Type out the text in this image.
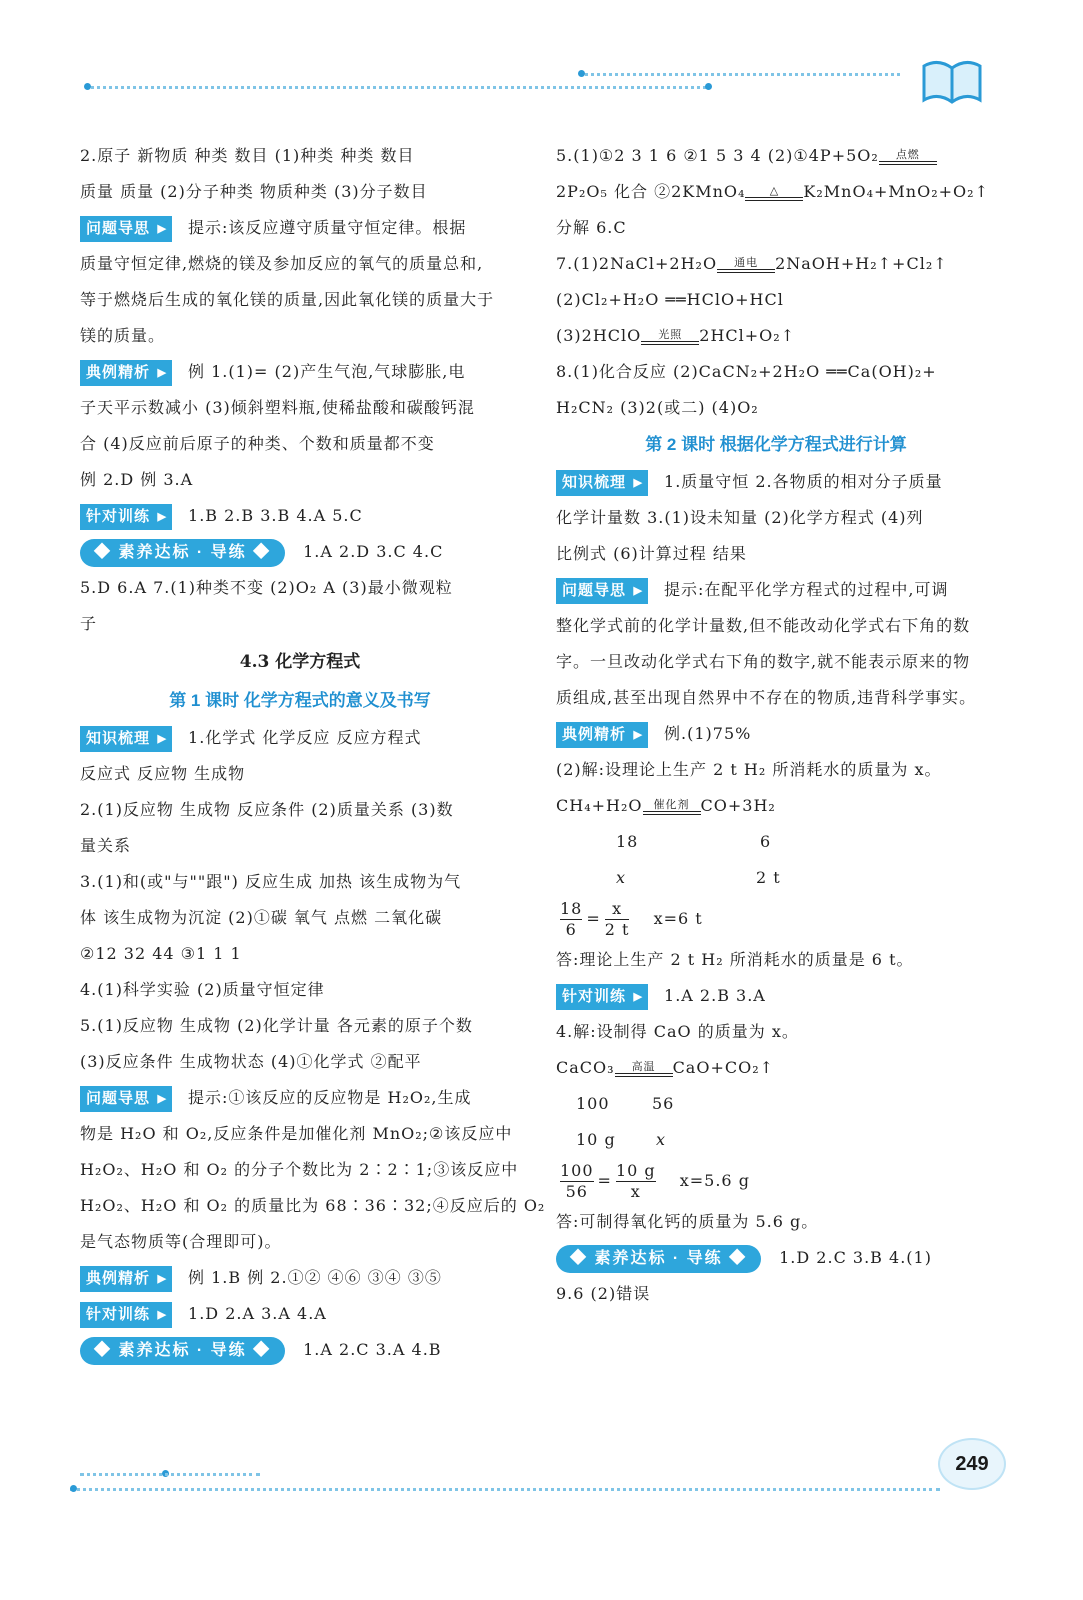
2.原子 新物质 种类 数目 (1)种类 种类 数目
质量 质量 (2)分子种类 物质种类 (3)分子数目
问题导思 ▶ 提示:该反应遵守质量守恒定律。根据
质量守恒定律,燃烧的镁及参加反应的氧气的质量总和,
等于燃烧后生成的氧化镁的质量,因此氧化镁的质量大于
镁的质量。
典例精析 ▶ 例 1.(1)= (2)产生气泡,气球膨胀,电
子天平示数减小 (3)倾斜塑料瓶,使稀盐酸和碳酸钙混
合 (4)反应前后原子的种类、个数和质量都不变
例 2.D 例 3.A
针对训练 ▶ 1.B 2.B 3.B 4.A 5.C
◆ 素养达标 · 导练 ◆ 1.A 2.D 3.C 4.C
5.D 6.A 7.(1)种类不变 (2)O₂ A (3)最小微观粒
子
4.3 化学方程式
第 1 课时 化学方程式的意义及书写
知识梳理 ▶ 1.化学式 化学反应 反应方程式
反应式 反应物 生成物
2.(1)反应物 生成物 反应条件 (2)质量关系 (3)数
量关系
3.(1)和(或"与""跟") 反应生成 加热 该生成物为气
体 该生成物为沉淀 (2)①碳 氧气 点燃 二氧化碳
②12 32 44 ③1 1 1
4.(1)科学实验 (2)质量守恒定律
5.(1)反应物 生成物 (2)化学计量 各元素的原子个数
(3)反应条件 生成物状态 (4)①化学式 ②配平
问题导思 ▶ 提示:①该反应的反应物是 H₂O₂,生成
物是 H₂O 和 O₂,反应条件是加催化剂 MnO₂;②该反应中
H₂O₂、H₂O 和 O₂ 的分子个数比为 2∶2∶1;③该反应中
H₂O₂、H₂O 和 O₂ 的质量比为 68∶36∶32;④反应后的 O₂
是气态物质等(合理即可)。
典例精析 ▶ 例 1.B 例 2.①② ④⑥ ③④ ③⑤
针对训练 ▶ 1.D 2.A 3.A 4.A
◆ 素养达标 · 导练 ◆ 1.A 2.C 3.A 4.B
5.(1)①2 3 1 6 ②1 5 3 4 (2)①4P+5O₂	点燃
2P₂O₅ 化合 ②2KMnO₄	△	K₂MnO₄+MnO₂+O₂↑
分解 6.C
7.(1)2NaCl+2H₂O	通电	2NaOH+H₂↑+Cl₂↑
(2)Cl₂+H₂O ══HClO+HCl
(3)2HClO	光照	2HCl+O₂↑
8.(1)化合反应 (2)CaCN₂+2H₂O ══Ca(OH)₂+
H₂CN₂ (3)2(或二) (4)O₂
第 2 课时 根据化学方程式进行计算
知识梳理 ▶ 1.质量守恒 2.各物质的相对分子质量
化学计量数 3.(1)设未知量 (2)化学方程式 (4)列
比例式 (6)计算过程 结果
问题导思 ▶ 提示:在配平化学方程式的过程中,可调
整化学式前的化学计量数,但不能改动化学式右下角的数
字。一旦改动化学式右下角的数字,就不能表示原来的物
质组成,甚至出现自然界中不存在的物质,违背科学事实。
典例精析 ▶ 例.(1)75%
(2)解:设理论上生产 2 t H₂ 所消耗水的质量为 x。
CH₄+H₂O	催化剂 CO+3H₂
18	6
x	2 t
$\frac{18}{6} = \frac{x}{2 t} x=6$ t
答:理论上生产 2 t H₂ 所消耗水的质量是 6 t。
针对训练 ▶ 1.A 2.B 3.A
4.解:设制得 CaO 的质量为 x。
CaCO₃	高温	CaO+CO₂↑
100	56
10 g	x
$\frac{100}{56} = \frac{10 g}{x} x=5.6$ g
答:可制得氧化钙的质量为 5.6 g。
◆ 素养达标 · 导练 ◆ 1.D 2.C 3.B 4.(1)
9.6 (2)错误
249
